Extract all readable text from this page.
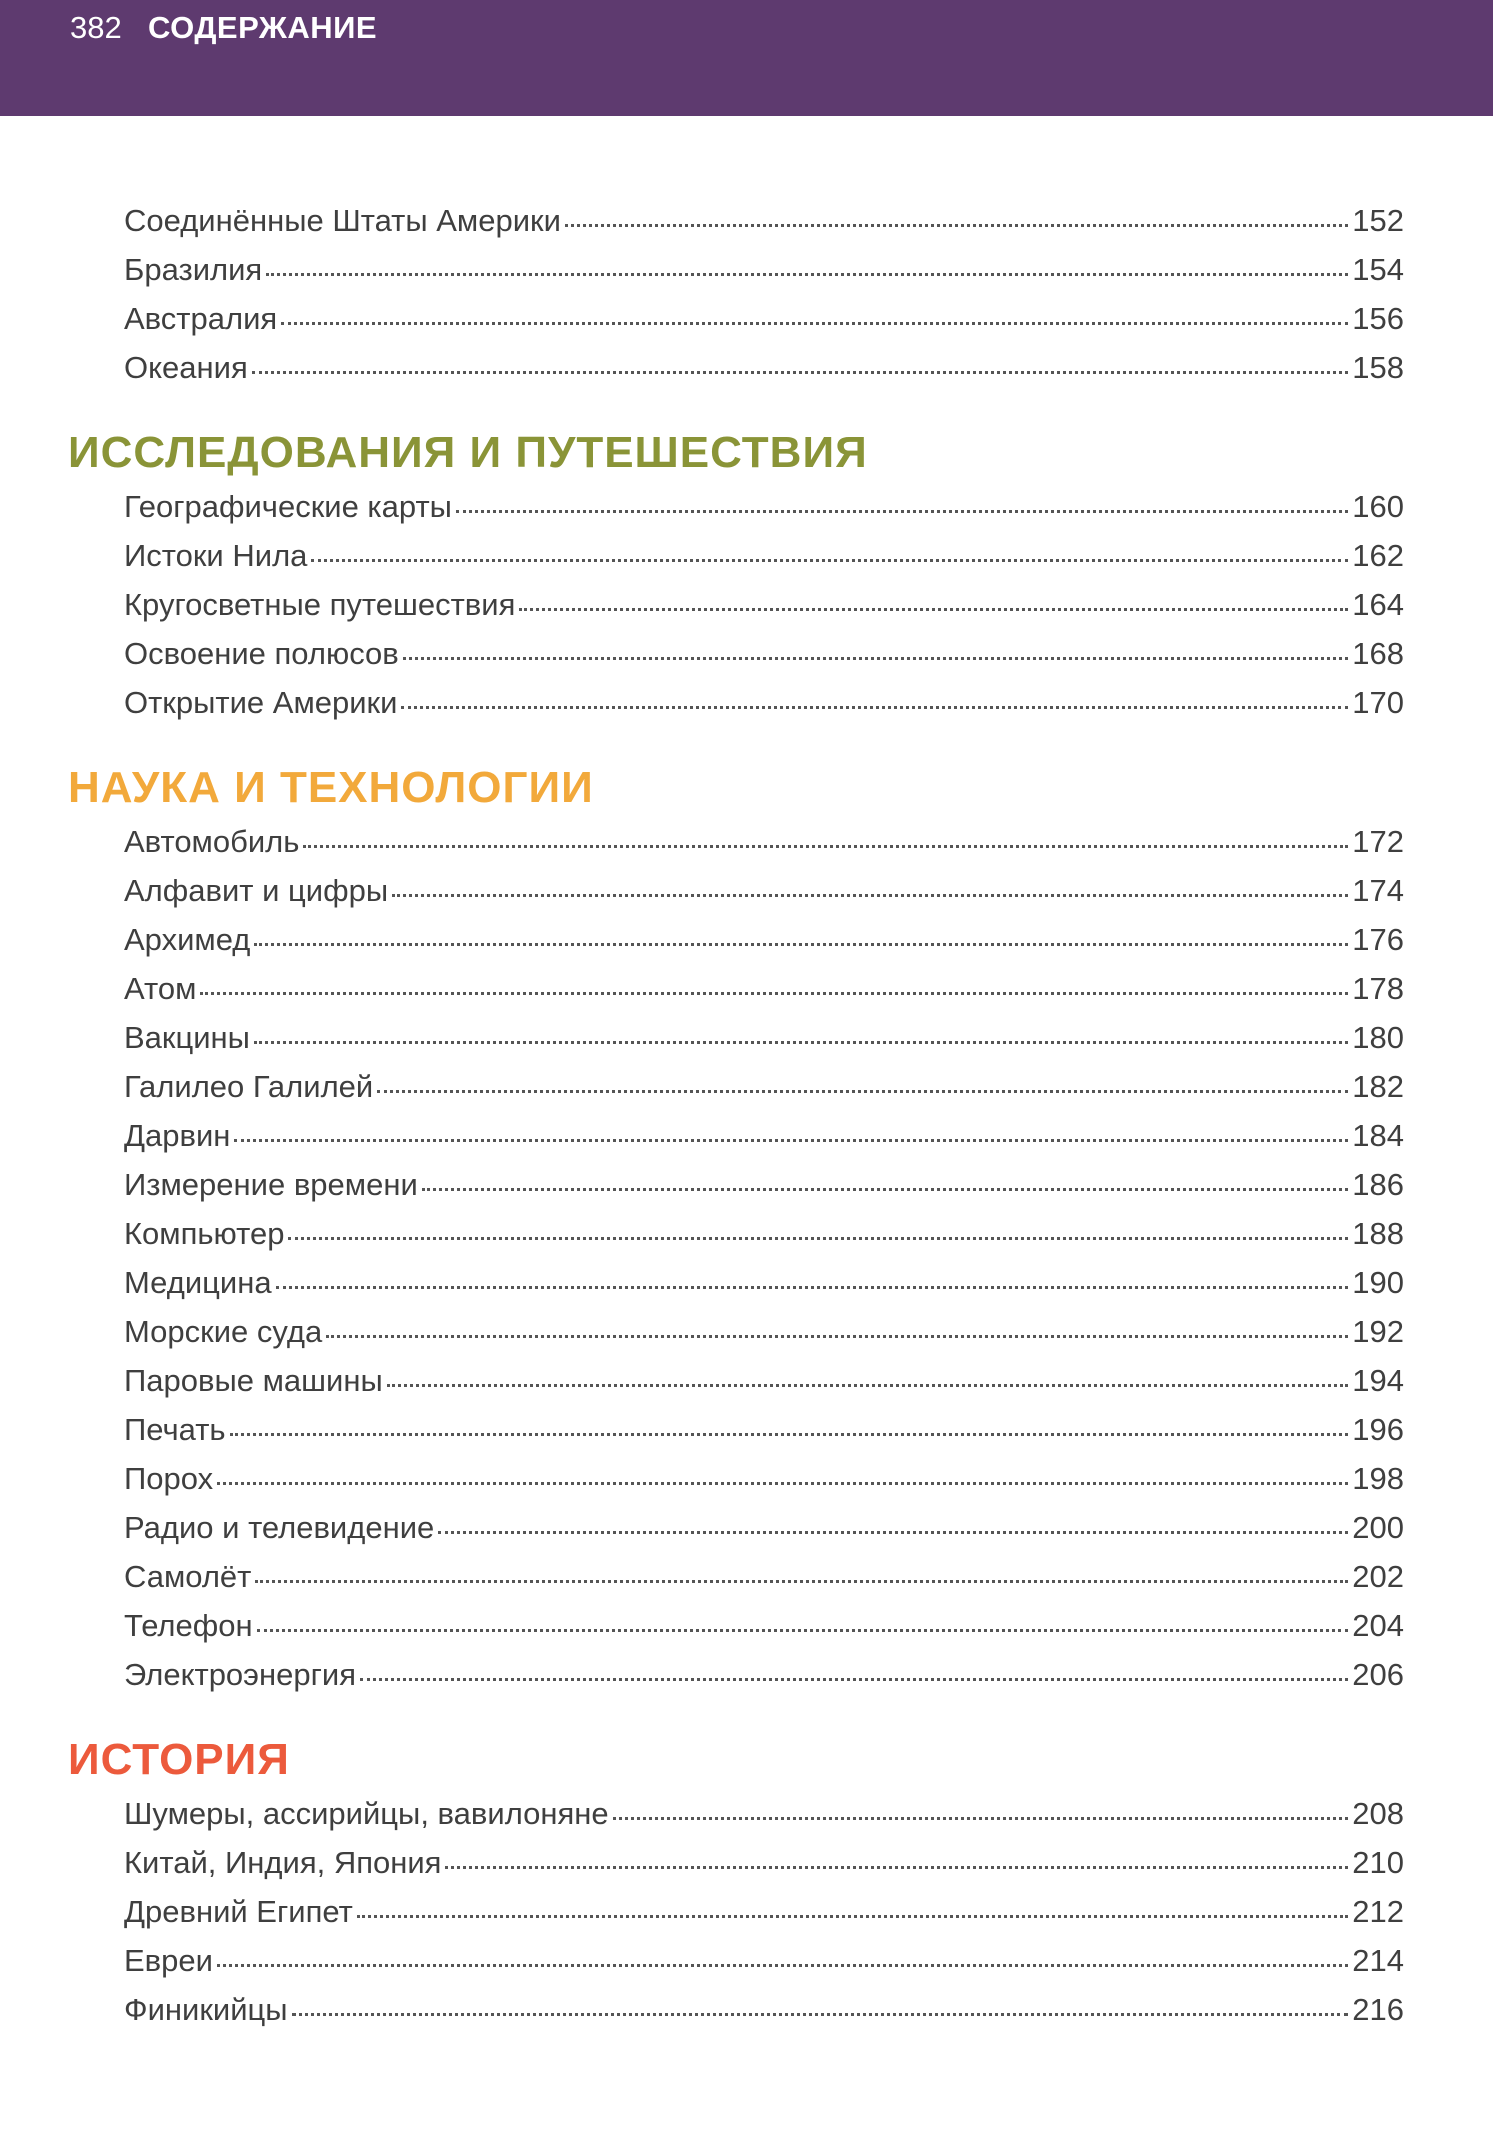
382 СОДЕРЖАНИЕ
Соединённые Штаты Америки	152
Бразилия	154
Австралия	156
Океания	158
ИССЛЕДОВАНИЯ И ПУТЕШЕСТВИЯ
Географические карты	160
Истоки Нила	162
Кругосветные путешествия	164
Освоение полюсов	168
Открытие Америки	170
НАУКА И ТЕХНОЛОГИИ
Автомобиль	172
Алфавит и цифры	174
Архимед	176
Атом	178
Вакцины	180
Галилео Галилей	182
Дарвин	184
Измерение времени	186
Компьютер	188
Медицина	190
Морские суда	192
Паровые машины	194
Печать	196
Порох	198
Радио и телевидение	200
Самолёт	202
Телефон	204
Электроэнергия	206
ИСТОРИЯ
Шумеры, ассирийцы, вавилоняне	208
Китай, Индия, Япония	210
Древний Египет	212
Евреи	214
Финикийцы	216
